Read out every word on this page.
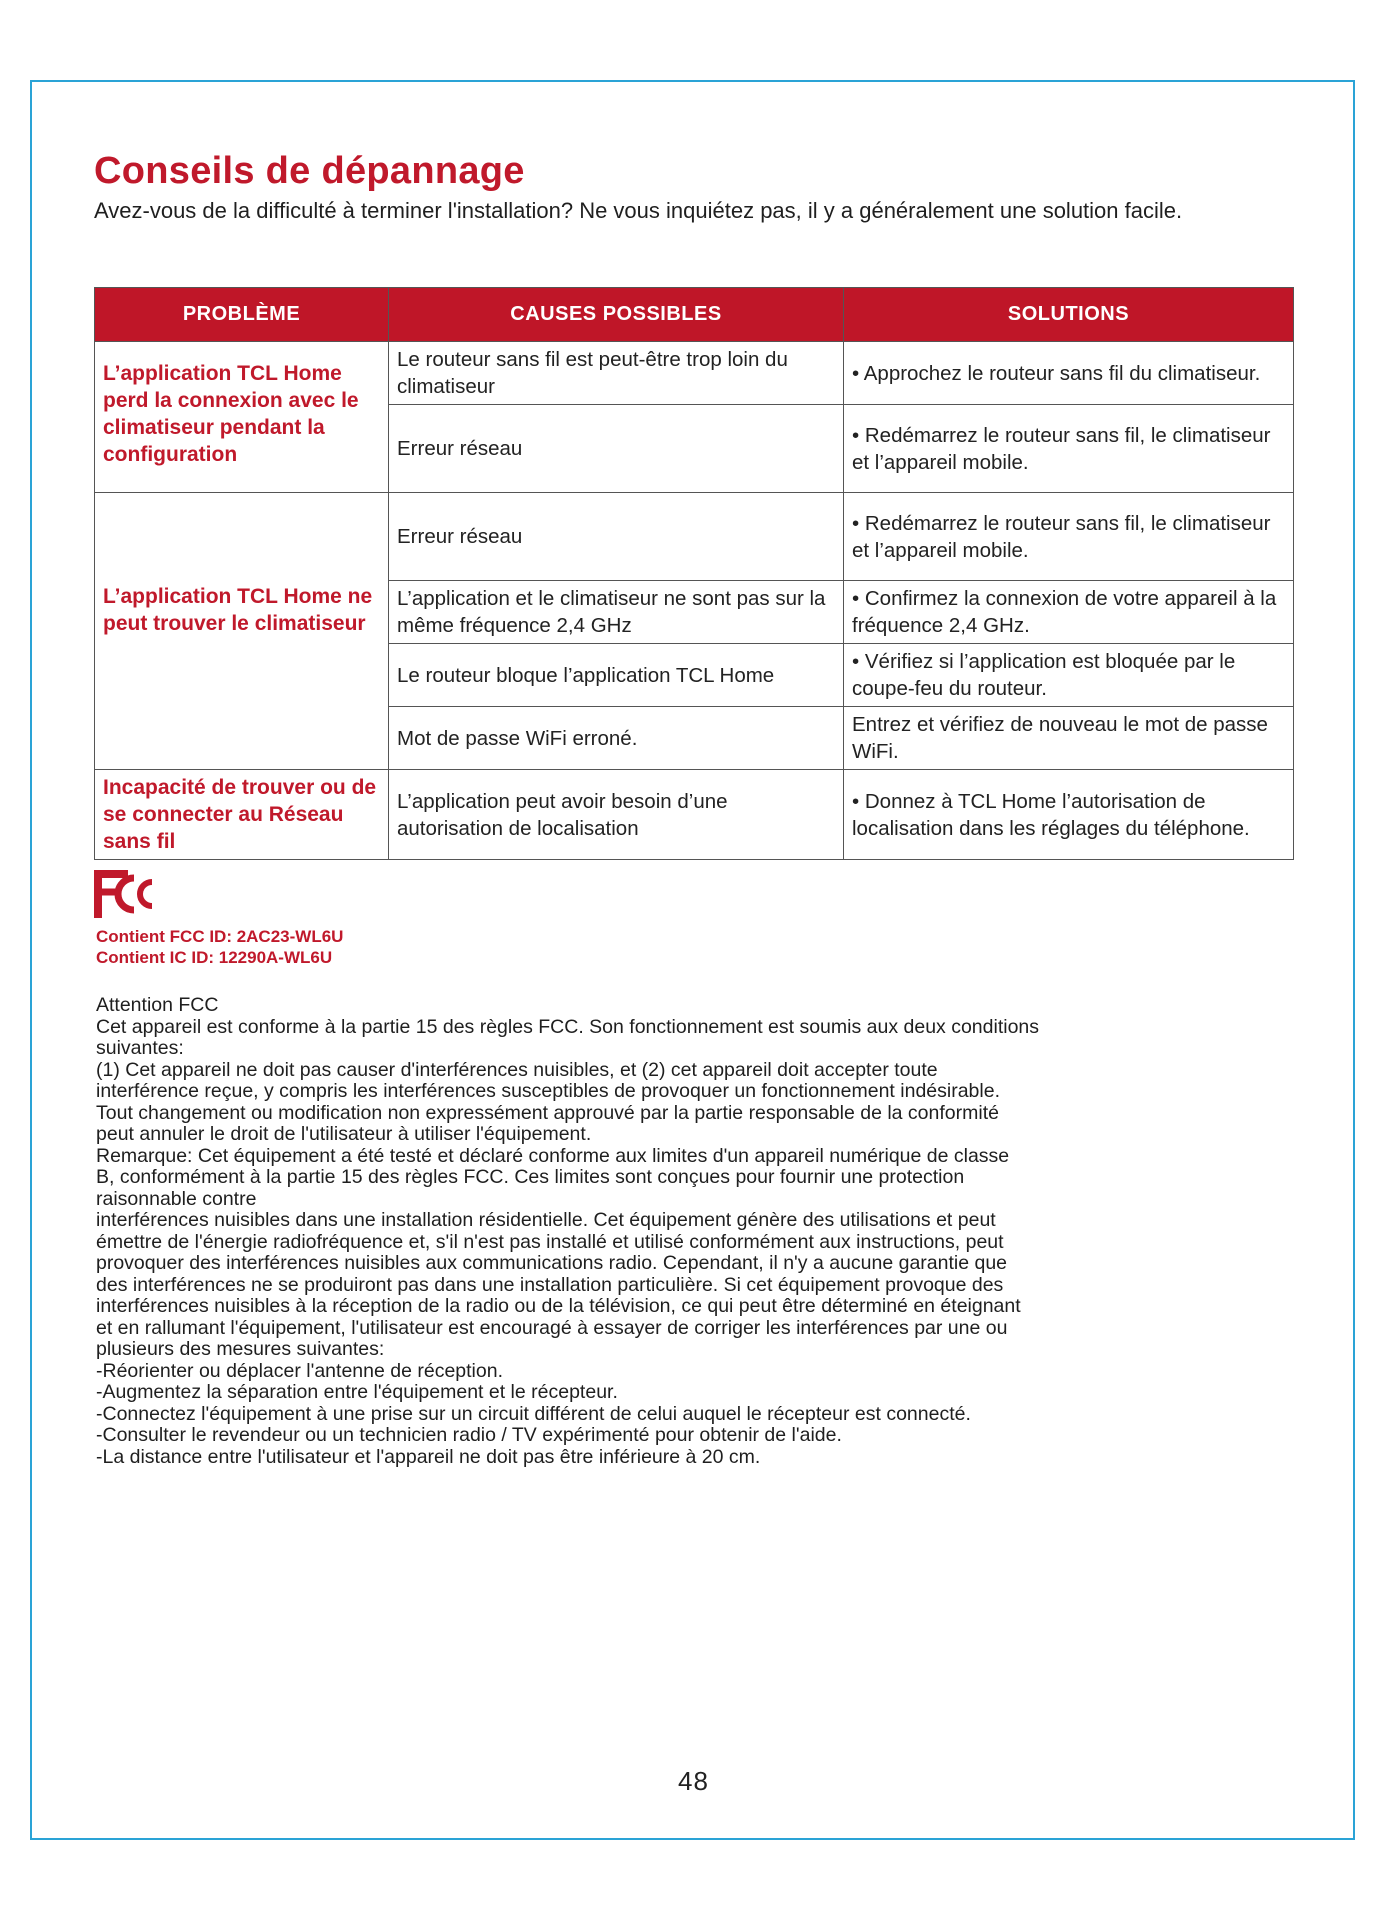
Conseils de dépannage

Avez-vous de la difficulté à terminer l'installation? Ne vous inquiétez pas, il y a généralement une solution facile.

PROBLÈME	CAUSES POSSIBLES	SOLUTIONS
L’application TCL Home perd la connexion avec le climatiseur pendant la configuration	Le routeur sans fil est peut-être trop loin du climatiseur	• Approchez le routeur sans fil du climatiseur.
	Erreur réseau	• Redémarrez le routeur sans fil, le climatiseur et l’appareil mobile.
L’application TCL Home ne peut trouver le climatiseur	Erreur réseau	• Redémarrez le routeur sans fil, le climatiseur et l’appareil mobile.
	L’application et le climatiseur ne sont pas sur la même fréquence 2,4 GHz	• Confirmez la connexion de votre appareil à la fréquence 2,4 GHz.
	Le routeur bloque l’application TCL Home	• Vérifiez si l’application est bloquée par le coupe-feu du routeur.
	Mot de passe WiFi erroné.	Entrez et vérifiez de nouveau le mot de passe WiFi.
Incapacité de trouver ou de se connecter au Réseau sans fil	L’application peut avoir besoin d’une autorisation de localisation	• Donnez à TCL Home l’autorisation de localisation dans les réglages du téléphone.
Contient FCC ID: 2AC23-WL6U
Contient IC ID: 12290A-WL6U

Attention FCC

Cet appareil est conforme à la partie 15 des règles FCC. Son fonctionnement est soumis aux deux conditions

suivantes:

(1) Cet appareil ne doit pas causer d'interférences nuisibles, et (2) cet appareil doit accepter toute

interférence reçue, y compris les interférences susceptibles de provoquer un fonctionnement indésirable.

Tout changement ou modification non expressément approuvé par la partie responsable de la conformité

peut annuler le droit de l'utilisateur à utiliser l'équipement.

Remarque: Cet équipement a été testé et déclaré conforme aux limites d'un appareil numérique de classe

B, conformément à la partie 15 des règles FCC. Ces limites sont conçues pour fournir une protection

raisonnable contre

interférences nuisibles dans une installation résidentielle. Cet équipement génère des utilisations et peut

émettre de l'énergie radiofréquence et, s'il n'est pas installé et utilisé conformément aux instructions, peut

provoquer des interférences nuisibles aux communications radio. Cependant, il n'y a aucune garantie que

des interférences ne se produiront pas dans une installation particulière. Si cet équipement provoque des

interférences nuisibles à la réception de la radio ou de la télévision, ce qui peut être déterminé en éteignant

et en rallumant l'équipement, l'utilisateur est encouragé à essayer de corriger les interférences par une ou

plusieurs des mesures suivantes:

-Réorienter ou déplacer l'antenne de réception.

-Augmentez la séparation entre l'équipement et le récepteur.

-Connectez l'équipement à une prise sur un circuit différent de celui auquel le récepteur est connecté.

-Consulter le revendeur ou un technicien radio / TV expérimenté pour obtenir de l'aide.

-La distance entre l'utilisateur et l'appareil ne doit pas être inférieure à 20 cm.

48
